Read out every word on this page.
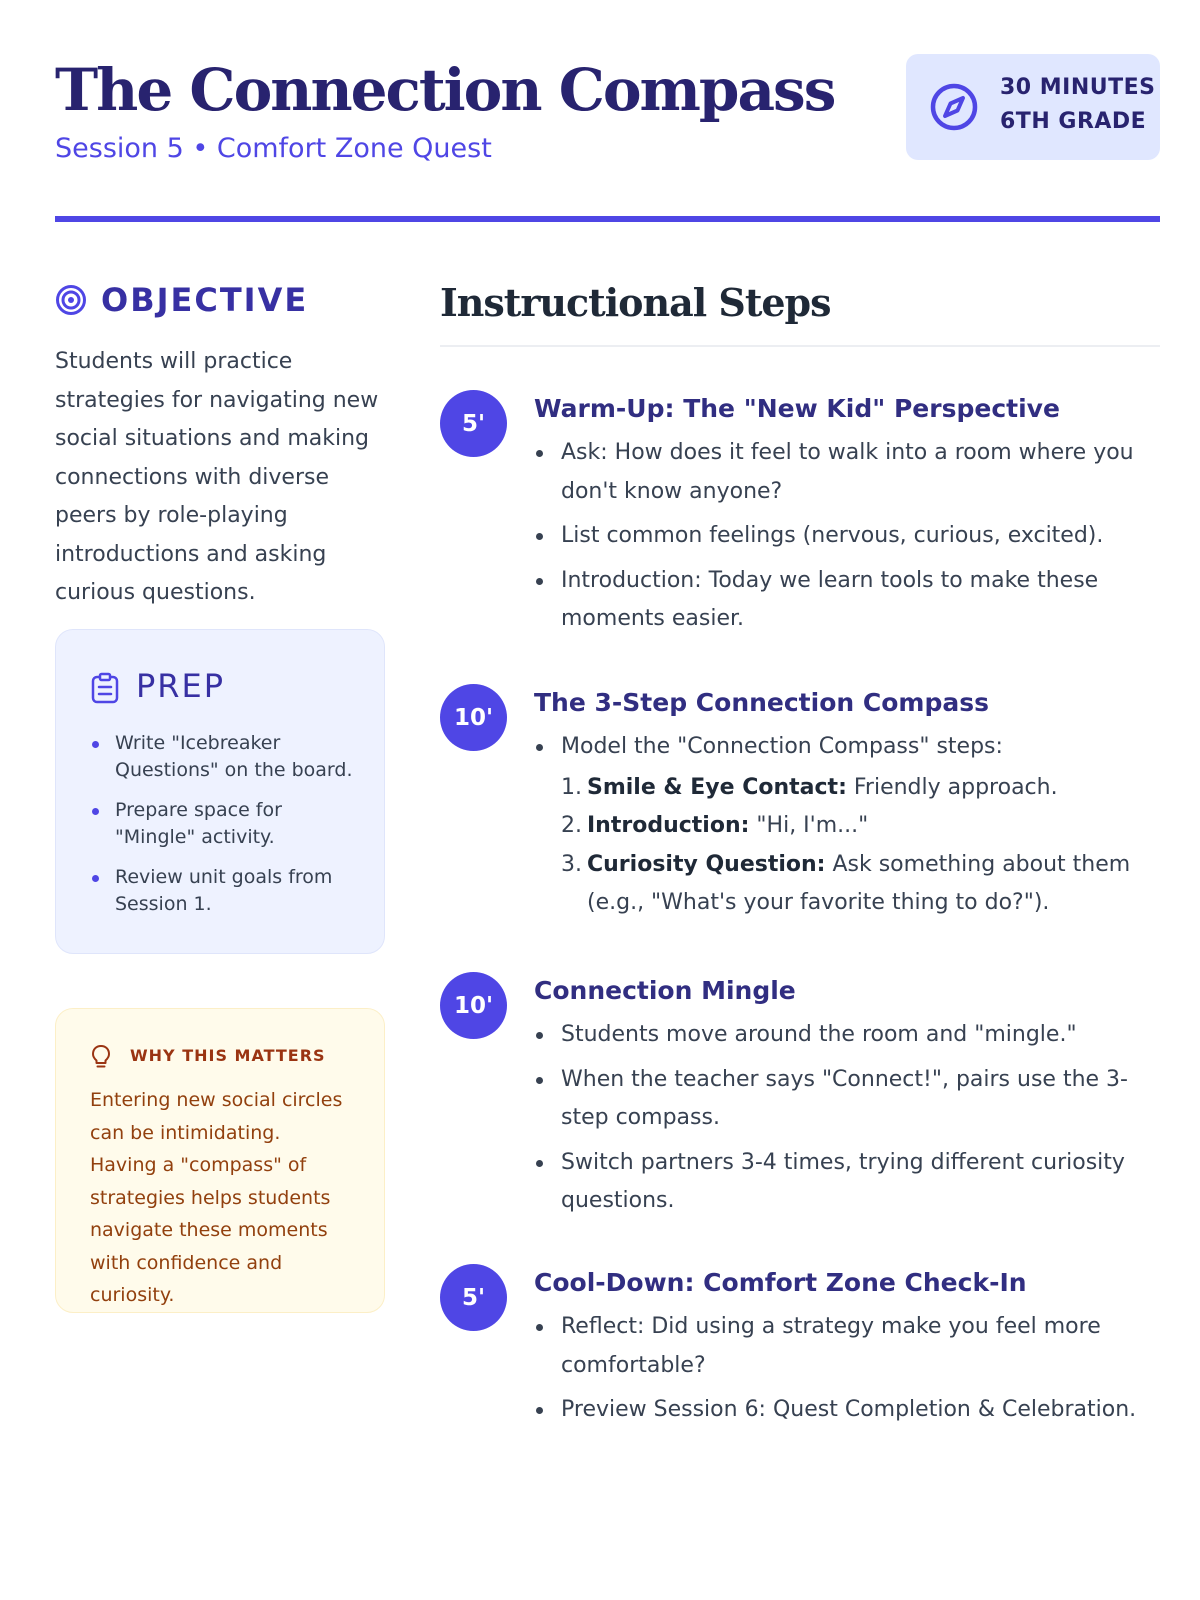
The Connection Compass
Session 5 • Comfort Zone Quest
30 MINUTES
6TH GRADE
OBJECTIVE

Students will practice strategies for navigating new social situations and making connections with diverse peers by role-playing introductions and asking curious questions.

PREP
Write "Icebreaker Questions" on the board.
Prepare space for "Mingle" activity.
Review unit goals from Session 1.
WHY THIS MATTERS

Entering new social circles can be intimidating. Having a "compass" of strategies helps students navigate these moments with confidence and curiosity.

Instructional Steps
5'
Warm-Up: The "New Kid" Perspective
Ask: How does it feel to walk into a room where you don't know anyone?
List common feelings (nervous, curious, excited).
Introduction: Today we learn tools to make these moments easier.
10'
The 3-Step Connection Compass
Model the "Connection Compass" steps:
1. Smile & Eye Contact: Friendly approach.
2. Introduction: "Hi, I'm..."
3. Curiosity Question: Ask something about them (e.g., "What's your favorite thing to do?").
10'
Connection Mingle
Students move around the room and "mingle."
When the teacher says "Connect!", pairs use the 3-step compass.
Switch partners 3-4 times, trying different curiosity questions.
5'
Cool-Down: Comfort Zone Check-In
Reflect: Did using a strategy make you feel more comfortable?
Preview Session 6: Quest Completion & Celebration.
